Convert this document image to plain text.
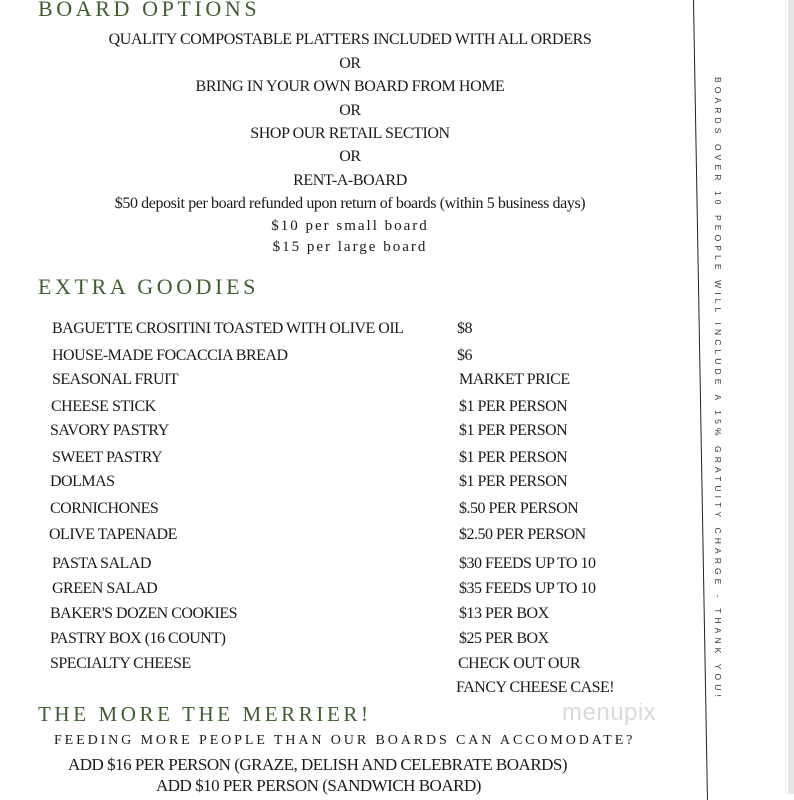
BOARDS OVER 10 PEOPLE WILL INCLUDE A 15% GRATUITY CHARGE - THANK YOU!
BOARD OPTIONS
QUALITY COMPOSTABLE PLATTERS INCLUDED WITH ALL ORDERS
OR
BRING IN YOUR OWN BOARD FROM HOME
OR
SHOP OUR RETAIL SECTION
OR
RENT-A-BOARD
$50 deposit per board refunded upon return of boards (within 5 business days)
$10 per small board
$15 per large board
EXTRA GOODIES
BAGUETTE CROSITINI TOASTED WITH OLIVE OIL	$8
HOUSE-MADE FOCACCIA BREAD	$6
SEASONAL FRUIT	MARKET PRICE
CHEESE STICK	$1 PER PERSON
SAVORY PASTRY	$1 PER PERSON
SWEET PASTRY	$1 PER PERSON
DOLMAS	$1 PER PERSON
CORNICHONES	$.50 PER PERSON
OLIVE TAPENADE	$2.50 PER PERSON
PASTA SALAD	$30 FEEDS UP TO 10
GREEN SALAD	$35 FEEDS UP TO 10
BAKER'S DOZEN COOKIES	$13 PER BOX
PASTRY BOX (16 COUNT)	$25 PER BOX
SPECIALTY CHEESE	CHECK OUT OUR
FANCY CHEESE CASE!
THE MORE THE MERRIER!	menupix
FEEDING MORE PEOPLE THAN OUR BOARDS CAN ACCOMODATE?
ADD $16 PER PERSON (GRAZE, DELISH AND CELEBRATE BOARDS)
ADD $10 PER PERSON (SANDWICH BOARD)
